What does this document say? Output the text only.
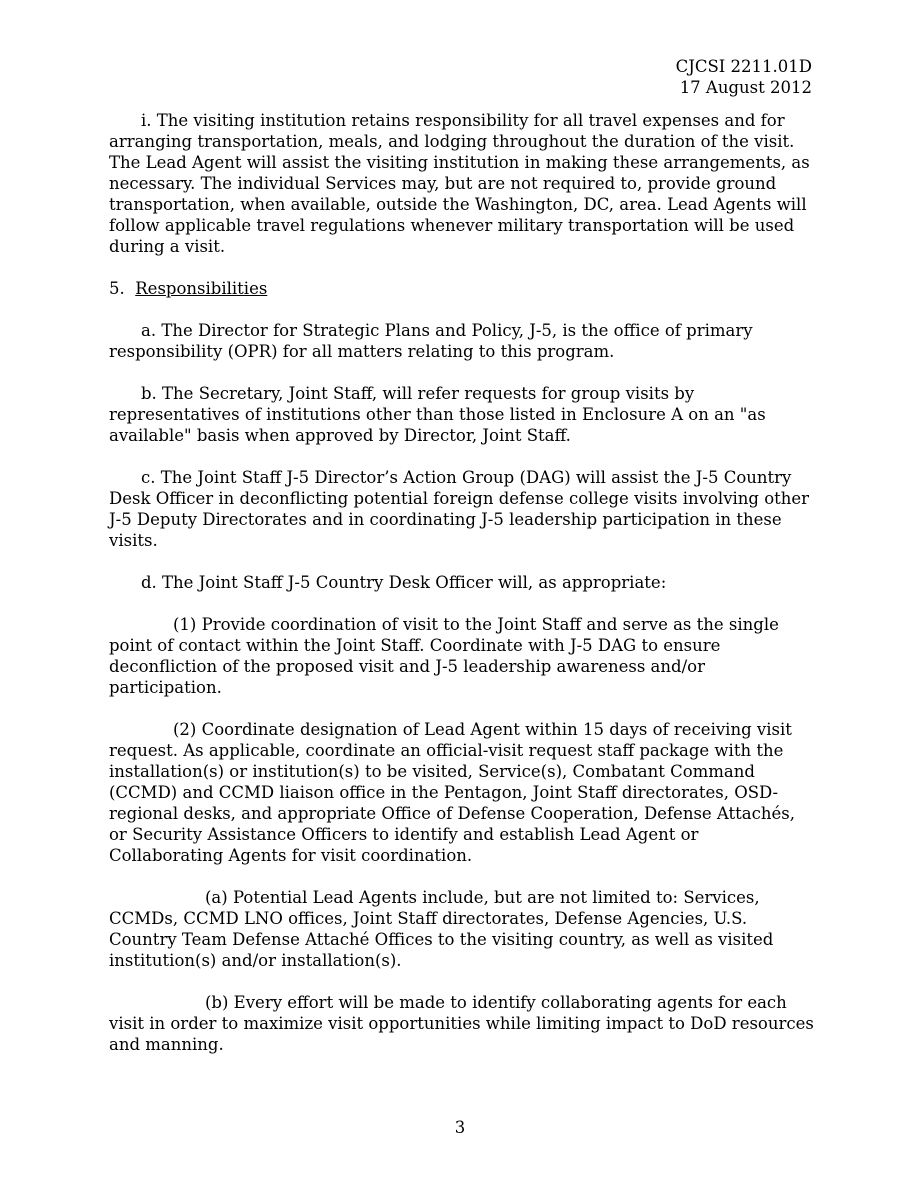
CJCSI 2211.01D
17 August 2012

i. The visiting institution retains responsibility for all travel expenses and for arranging transportation, meals, and lodging throughout the duration of the visit. The Lead Agent will assist the visiting institution in making these arrangements, as necessary. The individual Services may, but are not required to, provide ground transportation, when available, outside the Washington, DC, area. Lead Agents will follow applicable travel regulations whenever military transportation will be used during a visit.

5. Responsibilities

a. The Director for Strategic Plans and Policy, J-5, is the office of primary responsibility (OPR) for all matters relating to this program.

b. The Secretary, Joint Staff, will refer requests for group visits by representatives of institutions other than those listed in Enclosure A on an "as available" basis when approved by Director, Joint Staff.

c. The Joint Staff J-5 Director’s Action Group (DAG) will assist the J-5 Country Desk Officer in deconflicting potential foreign defense college visits involving other J-5 Deputy Directorates and in coordinating J-5 leadership participation in these visits.

d. The Joint Staff J-5 Country Desk Officer will, as appropriate:

(1) Provide coordination of visit to the Joint Staff and serve as the single point of contact within the Joint Staff. Coordinate with J-5 DAG to ensure deconfliction of the proposed visit and J-5 leadership awareness and/or participation.

(2) Coordinate designation of Lead Agent within 15 days of receiving visit request. As applicable, coordinate an official-visit request staff package with the installation(s) or institution(s) to be visited, Service(s), Combatant Command (CCMD) and CCMD liaison office in the Pentagon, Joint Staff directorates, OSD-regional desks, and appropriate Office of Defense Cooperation, Defense Attachés, or Security Assistance Officers to identify and establish Lead Agent or Collaborating Agents for visit coordination.

(a) Potential Lead Agents include, but are not limited to: Services, CCMDs, CCMD LNO offices, Joint Staff directorates, Defense Agencies, U.S. Country Team Defense Attaché Offices to the visiting country, as well as visited institution(s) and/or installation(s).

(b) Every effort will be made to identify collaborating agents for each visit in order to maximize visit opportunities while limiting impact to DoD resources and manning.

3
